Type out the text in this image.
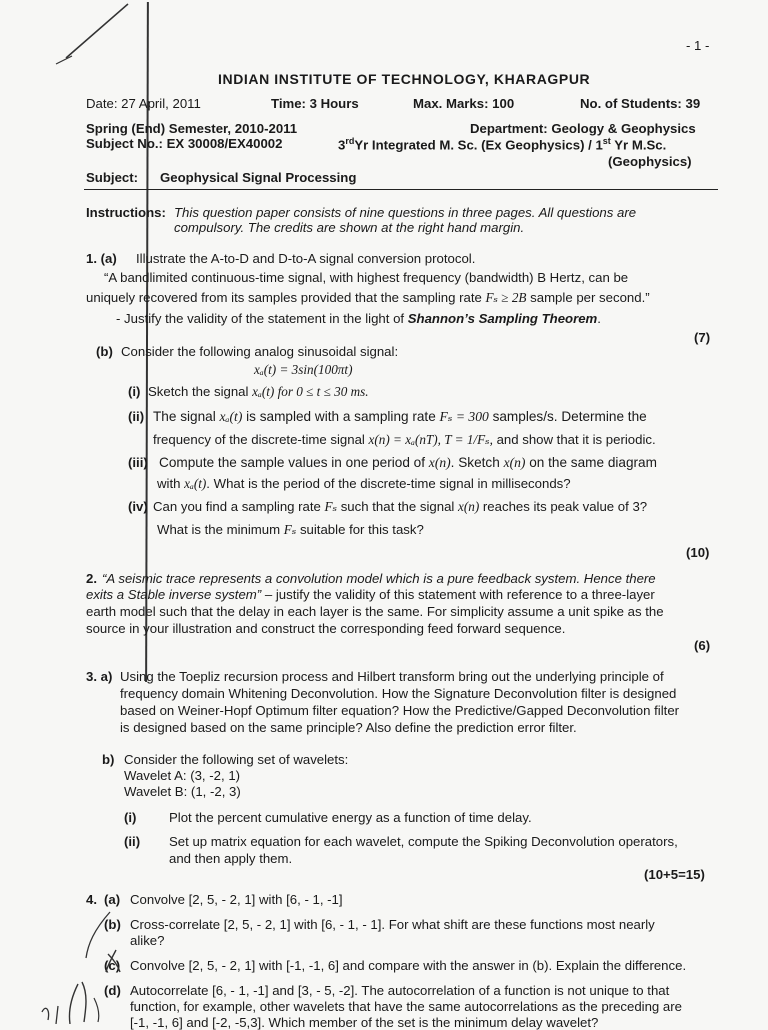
- 1 -
INDIAN INSTITUTE OF TECHNOLOGY, KHARAGPUR
Date: 27 April, 2011	Time: 3 Hours	Max. Marks: 100	No. of Students: 39
Spring (End) Semester, 2010-2011	Department: Geology & Geophysics
Subject No.: EX 30008/EX40002	3rdYr Integrated M. Sc. (Ex Geophysics) / 1st Yr M.Sc.
(Geophysics)
Subject: Geophysical Signal Processing
Instructions: This question paper consists of nine questions in three pages. All questions are
compulsory. The credits are shown at the right hand margin.
1. (a) Illustrate the A-to-D and D-to-A signal conversion protocol.
“A bandlimited continuous-time signal, with highest frequency (bandwidth) B Hertz, can be
uniquely recovered from its samples provided that the sampling rate Fₛ ≥ 2B sample per second.”
- Justify the validity of the statement in the light of Shannon’s Sampling Theorem.
(7)
(b) Consider the following analog sinusoidal signal:
xₐ(t) = 3sin(100πt)
(i) Sketch the signal xₐ(t) for 0 ≤ t ≤ 30 ms.
(ii) The signal xₐ(t) is sampled with a sampling rate Fₛ = 300 samples/s. Determine the
frequency of the discrete-time signal x(n) = xₐ(nT), T = 1/Fₛ, and show that it is periodic.
(iii) Compute the sample values in one period of x(n). Sketch x(n) on the same diagram
with xₐ(t). What is the period of the discrete-time signal in milliseconds?
(iv) Can you find a sampling rate Fₛ such that the signal x(n) reaches its peak value of 3?
What is the minimum Fₛ suitable for this task?
(10)
2. “A seismic trace represents a convolution model which is a pure feedback system. Hence there
exits a Stable inverse system” – justify the validity of this statement with reference to a three-layer
earth model such that the delay in each layer is the same. For simplicity assume a unit spike as the
source in your illustration and construct the corresponding feed forward sequence.
(6)
3. a) Using the Toepliz recursion process and Hilbert transform bring out the underlying principle of
frequency domain Whitening Deconvolution. How the Signature Deconvolution filter is designed
based on Weiner-Hopf Optimum filter equation? How the Predictive/Gapped Deconvolution filter
is designed based on the same principle? Also define the prediction error filter.
b) Consider the following set of wavelets:
Wavelet A: (3, -2, 1)
Wavelet B: (1, -2, 3)
(i) Plot the percent cumulative energy as a function of time delay.
(ii) Set up matrix equation for each wavelet, compute the Spiking Deconvolution operators,
and then apply them.
(10+5=15)
4. (a) Convolve [2, 5, - 2, 1] with [6, - 1, -1]
(b) Cross-correlate [2, 5, - 2, 1] with [6, - 1, - 1]. For what shift are these functions most nearly
alike?
(c) Convolve [2, 5, - 2, 1] with [-1, -1, 6] and compare with the answer in (b). Explain the difference.
(d) Autocorrelate [6, - 1, -1] and [3, - 5, -2]. The autocorrelation of a function is not unique to that
function, for example, other wavelets that have the same autocorrelations as the preceding are
[-1, -1, 6] and [-2, -5,3]. Which member of the set is the minimum delay wavelet?
